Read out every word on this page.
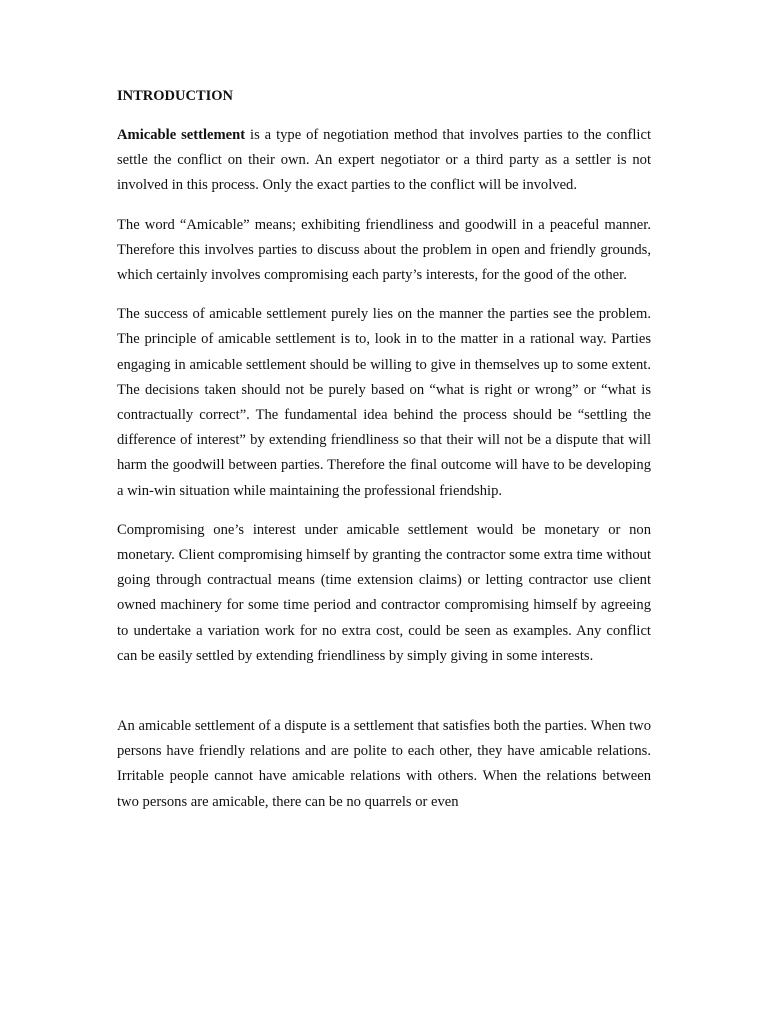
INTRODUCTION

Amicable settlement is a type of negotiation method that involves parties to the conflict settle the conflict on their own. An expert negotiator or a third party as a settler is not involved in this process. Only the exact parties to the conflict will be involved.

The word “Amicable” means; exhibiting friendliness and goodwill in a peaceful manner. Therefore this involves parties to discuss about the problem in open and friendly grounds, which certainly involves compromising each party’s interests, for the good of the other.

The success of amicable settlement purely lies on the manner the parties see the problem. The principle of amicable settlement is to, look in to the matter in a rational way. Parties engaging in amicable settlement should be willing to give in themselves up to some extent. The decisions taken should not be purely based on “what is right or wrong” or “what is contractually correct”. The fundamental idea behind the process should be “settling the difference of interest” by extending friendliness so that their will not be a dispute that will harm the goodwill between parties. Therefore the final outcome will have to be developing a win-win situation while maintaining the professional friendship.

Compromising one’s interest under amicable settlement would be monetary or non monetary. Client compromising himself by granting the contractor some extra time without going through contractual means (time extension claims) or letting contractor use client owned machinery for some time period and contractor compromising himself by agreeing to undertake a variation work for no extra cost, could be seen as examples. Any conflict can be easily settled by extending friendliness by simply giving in some interests.

An amicable settlement of a dispute is a settlement that satisfies both the parties. When two persons have friendly relations and are polite to each other, they have amicable relations. Irritable people cannot have amicable relations with others. When the relations between two persons are amicable, there can be no quarrels or even
